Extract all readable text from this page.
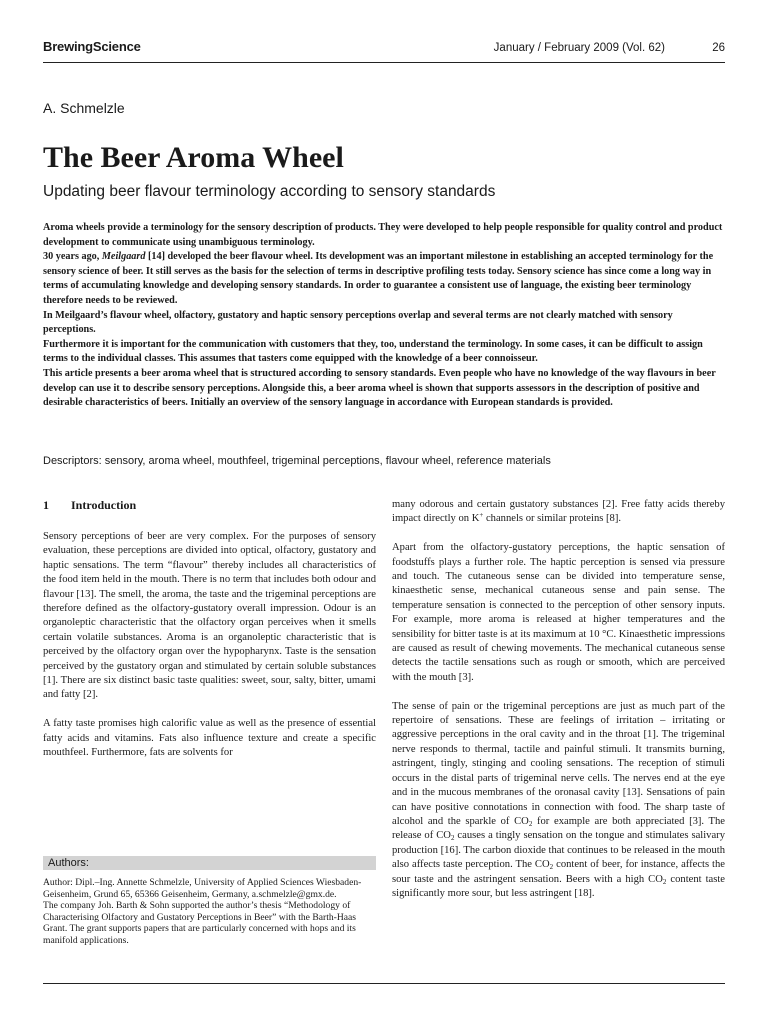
BrewingScience	January / February 2009 (Vol. 62)	26
A. Schmelzle
The Beer Aroma Wheel
Updating beer flavour terminology according to sensory standards

Aroma wheels provide a terminology for the sensory description of products. They were developed to help people responsible for quality control and product development to communicate using unambiguous terminology.

30 years ago, Meilgaard [14] developed the beer flavour wheel. Its development was an important milestone in establishing an accepted terminology for the sensory science of beer. It still serves as the basis for the selection of terms in descriptive profiling tests today. Sensory science has since come a long way in terms of accumulating knowledge and developing sensory standards. In order to guarantee a consistent use of language, the existing beer terminology therefore needs to be reviewed.

In Meilgaard’s flavour wheel, olfactory, gustatory and haptic sensory perceptions overlap and several terms are not clearly matched with sensory perceptions.

Furthermore it is important for the communication with customers that they, too, understand the terminology. In some cases, it can be difficult to assign terms to the individual classes. This assumes that tasters come equipped with the knowledge of a beer connoisseur.

This article presents a beer aroma wheel that is structured according to sensory standards. Even people who have no knowledge of the way flavours in beer develop can use it to describe sensory perceptions. Alongside this, a beer aroma wheel is shown that supports assessors in the description of positive and desirable characteristics of beers. Initially an overview of the sensory language in accordance with European standards is provided.

Descriptors: sensory, aroma wheel, mouthfeel, trigeminal perceptions, flavour wheel, reference materials
1 Introduction

Sensory perceptions of beer are very complex. For the purposes of sensory evaluation, these perceptions are divided into optical, olfactory, gustatory and haptic sensations. The term “flavour” thereby includes all characteristics of the food item held in the mouth. There is no term that includes both odour and flavour [13]. The smell, the aroma, the taste and the trigeminal perceptions are therefore defined as the olfactory-gustatory overall impression. Odour is an organoleptic characteristic that the olfactory organ perceives when it smells certain volatile substances. Aroma is an organoleptic characteristic that is perceived by the olfactory organ over the hypopharynx. Taste is the sensation perceived by the gustatory organ and stimulated by certain soluble substances [1]. There are six distinct basic taste qualities: sweet, sour, salty, bitter, umami and fatty [2].

A fatty taste promises high calorific value as well as the presence of essential fatty acids and vitamins. Fats also influence texture and create a specific mouthfeel. Furthermore, fats are solvents for

Authors:

Author: Dipl.–Ing. Annette Schmelzle, University of Applied Sciences Wiesbaden-Geisenheim, Grund 65, 65366 Geisenheim, Germany, a.schmelzle@gmx.de.

The company Joh. Barth & Sohn supported the author’s thesis “Methodology of Characterising Olfactory and Gustatory Perceptions in Beer” with the Barth-Haas Grant. The grant supports papers that are particularly concerned with hops and its manifold applications.

many odorous and certain gustatory substances [2]. Free fatty acids thereby impact directly on K+ channels or similar proteins [8].

Apart from the olfactory-gustatory perceptions, the haptic sensation of foodstuffs plays a further role. The haptic perception is sensed via pressure and touch. The cutaneous sense can be divided into temperature sense, kinaesthetic sense, mechanical cutaneous sense and pain sense. The temperature sensation is connected to the perception of other sensory inputs. For example, more aroma is released at higher temperatures and the sensibility for bitter taste is at its maximum at 10 °C. Kinaesthetic impressions are caused as result of chewing movements. The mechanical cutaneous sense detects the tactile sensations such as rough or smooth, which are perceived with the mouth [3].

The sense of pain or the trigeminal perceptions are just as much part of the repertoire of sensations. These are feelings of irritation – irritating or aggressive perceptions in the oral cavity and in the throat [1]. The trigeminal nerve responds to thermal, tactile and painful stimuli. It transmits burning, astringent, tingly, stinging and cooling sensations. The reception of stimuli occurs in the distal parts of trigeminal nerve cells. The nerves end at the eye and in the mucous membranes of the oronasal cavity [13]. Sensations of pain can have positive connotations in connection with food. The sharp taste of alcohol and the sparkle of $CO_2$ for example are both appreciated [3]. The release of $CO_2$ causes a tingly sensation on the tongue and stimulates salivary production [16]. The carbon dioxide that continues to be released in the mouth also affects taste perception. The $CO_2$ content of beer, for instance, affects the sour taste and the astringent sensation. Beers with a high $CO_2$ content taste significantly more sour, but less astringent [18].
